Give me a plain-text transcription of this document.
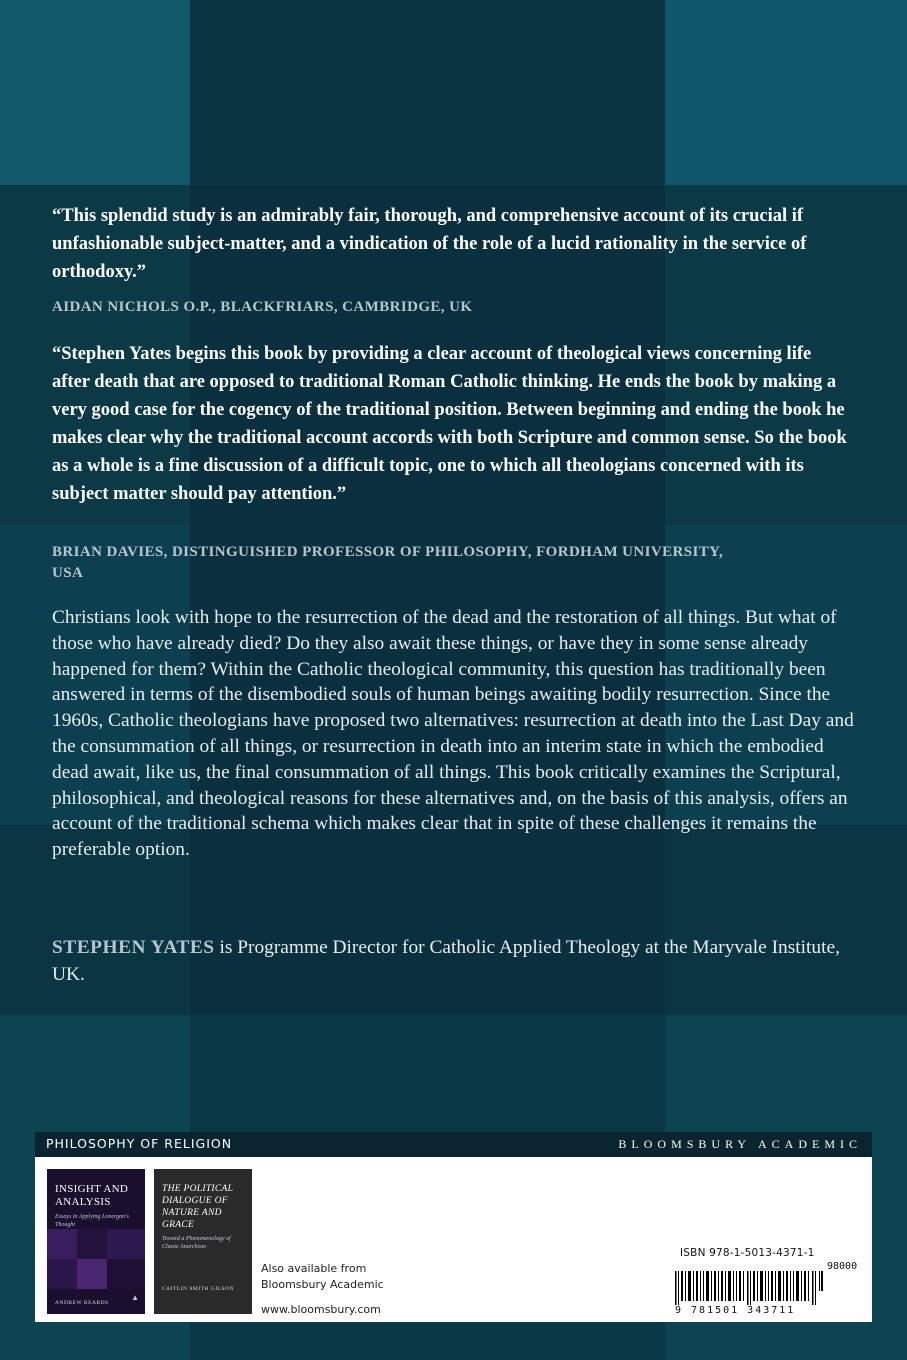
“This splendid study is an admirably fair, thorough, and comprehensive account of its crucial if unfashionable subject-matter, and a vindication of the role of a lucid rationality in the service of orthodoxy.”
AIDAN NICHOLS O.P., BLACKFRIARS, CAMBRIDGE, UK
“Stephen Yates begins this book by providing a clear account of theological views concerning life after death that are opposed to traditional Roman Catholic thinking. He ends the book by making a very good case for the cogency of the traditional position. Between beginning and ending the book he makes clear why the traditional account accords with both Scripture and common sense. So the book as a whole is a fine discussion of a difficult topic, one to which all theologians concerned with its subject matter should pay attention.”
BRIAN DAVIES, DISTINGUISHED PROFESSOR OF PHILOSOPHY, FORDHAM UNIVERSITY, USA
Christians look with hope to the resurrection of the dead and the restoration of all things. But what of those who have already died? Do they also await these things, or have they in some sense already happened for them? Within the Catholic theological community, this question has traditionally been answered in terms of the disembodied souls of human beings awaiting bodily resurrection. Since the 1960s, Catholic theologians have proposed two alternatives: resurrection at death into the Last Day and the consummation of all things, or resurrection in death into an interim state in which the embodied dead await, like us, the final consummation of all things. This book critically examines the Scriptural, philosophical, and theological reasons for these alternatives and, on the basis of this analysis, offers an account of the traditional schema which makes clear that in spite of these challenges it remains the preferable option.
STEPHEN YATES is Programme Director for Catholic Applied Theology at the Maryvale Institute, UK.
PHILOSOPHY OF RELIGION	BLOOMSBURY ACADEMIC
INSIGHT AND ANALYSIS
Essays in Applying Lonergan's Thought
ANDREW BEARDS
▲
THE POLITICAL DIALOGUE OF NATURE AND GRACE
Toward a Phenomenology of Chaste Anarchism
CAITLIN SMITH GILSON
Also available from Bloomsbury Academic
www.bloomsbury.com
ISBN 978-1-5013-4371-1
98000
9 781501 343711
